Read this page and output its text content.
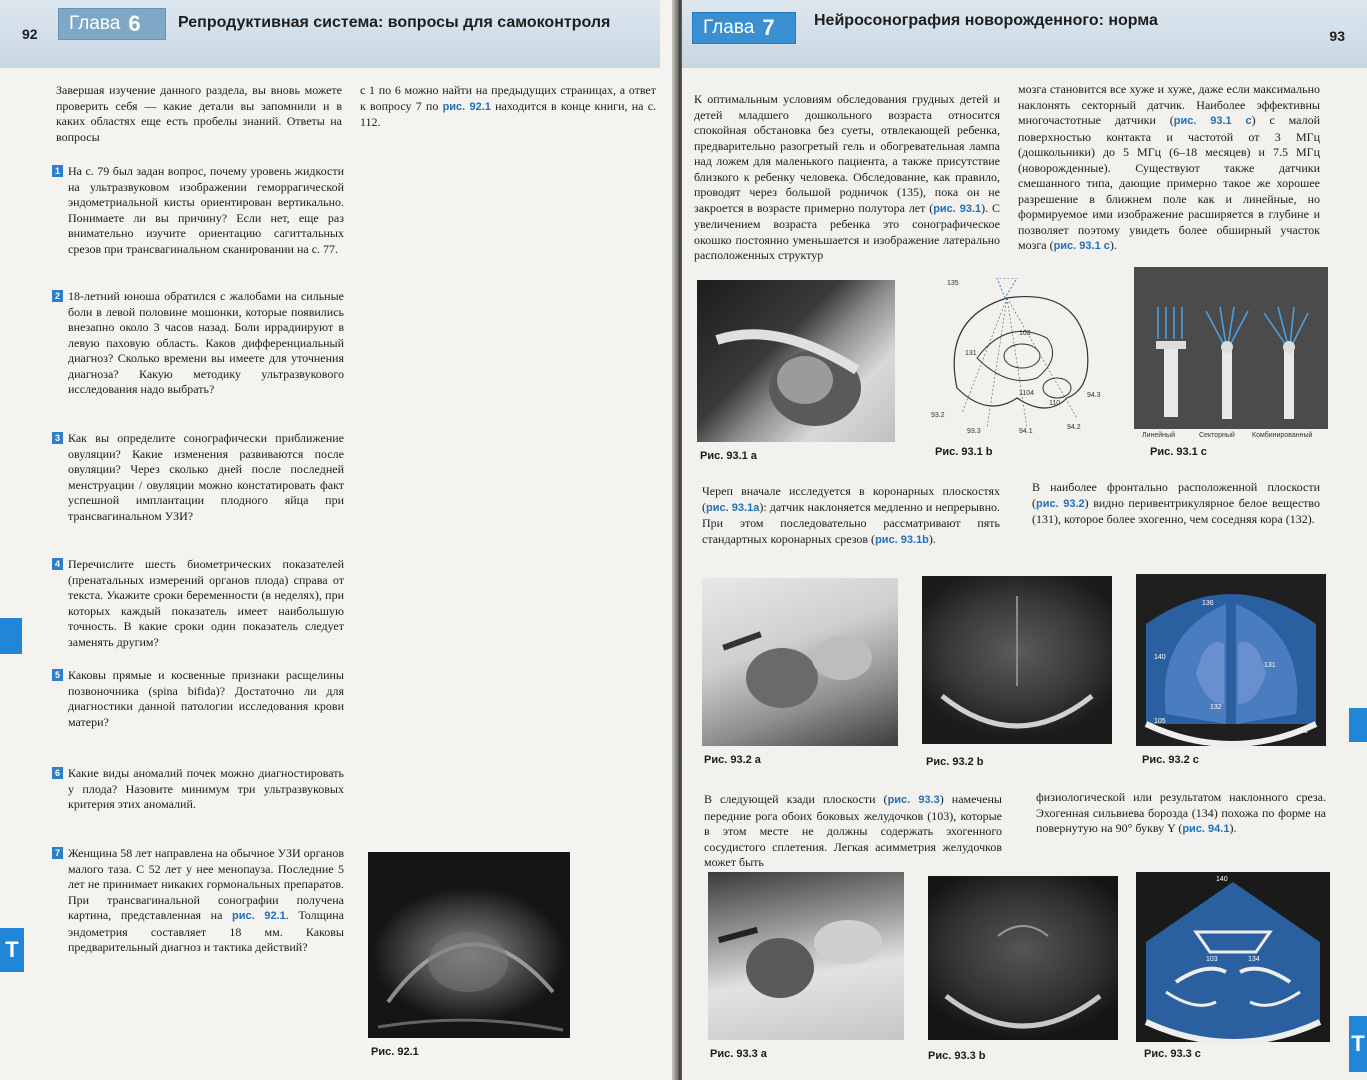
92 Глава 6 Репродуктивная система: вопросы для самоконтроля
Завершая изучение данного раздела, вы вновь можете проверить себя — какие детали вы запомнили и в каких областях еще есть пробелы знаний. Ответы на вопросы
с 1 по 6 можно найти на предыдущих страницах, а ответ к вопросу 7 по рис. 92.1 находится в конце книги, на с. 112.
1 На с. 79 был задан вопрос, почему уровень жидкости на ультразвуковом изображении геморрагической эндометриальной кисты ориентирован вертикально. Понимаете ли вы причину? Если нет, еще раз внимательно изучите ориентацию сагиттальных срезов при трансвагинальном сканировании на с. 77.
2 18-летний юноша обратился с жалобами на сильные боли в левой половине мошонки, которые появились внезапно около 3 часов назад. Боли иррадиируют в левую паховую область. Каков дифференциальный диагноз? Сколько времени вы имеете для уточнения диагноза? Какую методику ультразвукового исследования надо выбрать?
3 Как вы определите сонографически приближение овуляции? Какие изменения развиваются после овуляции? Через сколько дней после последней менструации / овуляции можно констатировать факт успешной имплантации плодного яйца при трансвагинальном УЗИ?
4 Перечислите шесть биометрических показателей (пренатальных измерений органов плода) справа от текста. Укажите сроки беременности (в неделях), при которых каждый показатель имеет наибольшую точность. В какие сроки один показатель следует заменять другим?
5 Каковы прямые и косвенные признаки расщелины позвоночника (spina bifida)? Достаточно ли для диагностики данной патологии исследования крови матери?
6 Какие виды аномалий почек можно диагностировать у плода? Назовите минимум три ультразвуковых критерия этих аномалий.
7 Женщина 58 лет направлена на обычное УЗИ органов малого таза. С 52 лет у нее менопауза. Последние 5 лет не принимает никаких гормональных препаратов. При трансвагинальной сонографии получена картина, представленная на рис. 92.1. Толщина эндометрия составляет 18 мм. Каковы предварительный диагноз и тактика действий?
Рис. 92.1
Т
Глава 7 Нейросонография новорожденного: норма
93
К оптимальным условиям обследования грудных детей и детей младшего дошкольного возраста относится спокойная обстановка без суеты, отвлекающей ребенка, предварительно разогретый гель и обогревательная лампа над ложем для маленького пациента, а также присутствие близкого к ребенку человека. Обследование, как правило, проводят через большой родничок (135), пока он не закроется в возрасте примерно полутора лет (рис. 93.1). С увеличением возраста ребенка это сонографическое окошко постоянно уменьшается и изображение латерально расположенных структур
мозга становится все хуже и хуже, даже если максимально наклонять секторный датчик. Наиболее эффективны многочастотные датчики (рис. 93.1 с) с малой поверхностью контакта и частотой от 3 МГц (дошкольники) до 5 МГц (6–18 месяцев) и 7.5 МГц (новорожденные). Существуют также датчики смешанного типа, дающие примерно такое же хорошее разрешение в ближнем поле как и линейные, но формируемое ими изображение расширяется в глубине и позволяет поэтому увидеть более обширный участок мозга (рис. 93.1 с).
Рис. 93.1 a
135
103
131
1104
110
94.3
93.2
93.3	94.1
94.2
Рис. 93.1 b
Линейный	Секторный Комбинированный
Рис. 93.1 c
Череп вначале исследуется в коронарных плоскостях (рис. 93.1а): датчик наклоняется медленно и непрерывно. При этом последовательно рассматривают пять стандартных коронарных срезов (рис. 93.1b).
В наиболее фронтально расположенной плоскости (рис. 93.2) видно перивентрикулярное белое вещество (131), которое более эхогенно, чем соседняя кора (132).
Рис. 93.2 a	Рис. 93.2 b
136
140
131
132
105
45
Рис. 93.2 c
В следующей кзади плоскости (рис. 93.3) намечены передние рога обоих боковых желудочков (103), которые в этом месте не должны содержать эхогенного сосудистого сплетения. Легкая асимметрия желудочков может быть
физиологической или результатом наклонного среза. Эхогенная сильвиева борозда (134) похожа по форме на повернутую на 90° букву Y (рис. 94.1).
Рис. 93.3 a	Рис. 93.3 b
140
103	134
Рис. 93.3 c	Т
